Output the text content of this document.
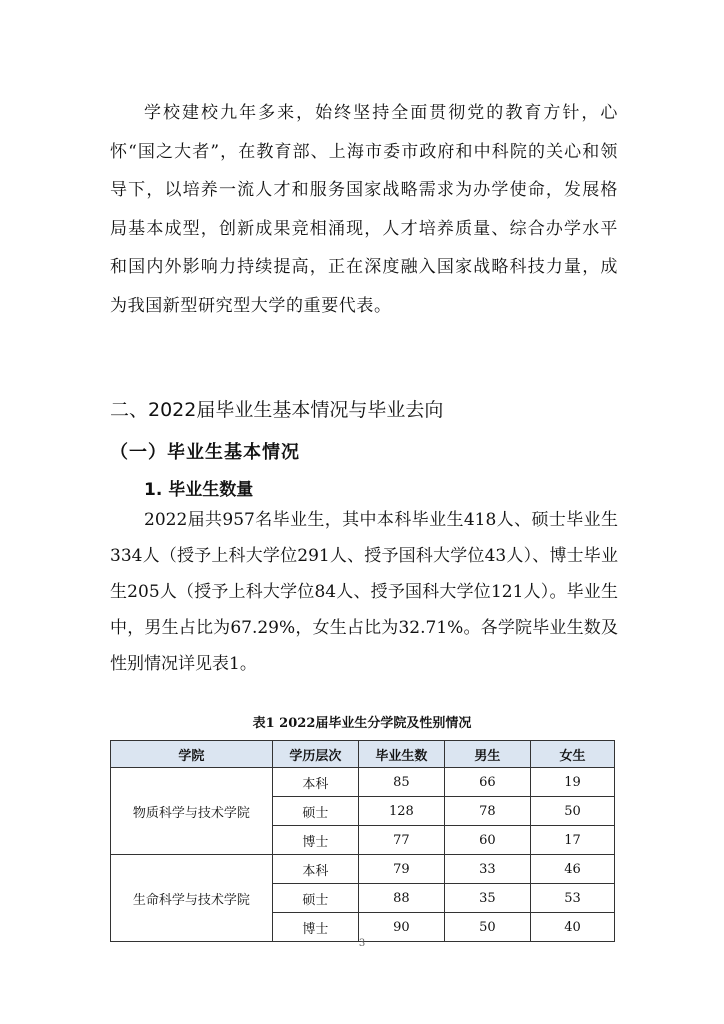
学校建校九年多来，始终坚持全面贯彻党的教育方针，心怀“国之大者”，在教育部、上海市委市政府和中科院的关心和领导下，以培养一流人才和服务国家战略需求为办学使命，发展格局基本成型，创新成果竞相涌现，人才培养质量、综合办学水平和国内外影响力持续提高，正在深度融入国家战略科技力量，成为我国新型研究型大学的重要代表。

二、2022届毕业生基本情况与毕业去向
（一）毕业生基本情况
1. 毕业生数量

2022届共957名毕业生，其中本科毕业生418人、硕士毕业生334人（授予上科大学位291人、授予国科大学位43人）、博士毕业生205人（授予上科大学位84人、授予国科大学位121人）。毕业生中，男生占比为67.29%，女生占比为32.71%。各学院毕业生数及性别情况详见表1。

表1 2022届毕业生分学院及性别情况

学院	学历层次	毕业生数	男生	女生
物质科学与技术学院	本科	85	66	19
	硕士	128	78	50
	博士	77	60	17
生命科学与技术学院	本科	79	33	46
	硕士	88	35	53
	博士	90	50	40

3
